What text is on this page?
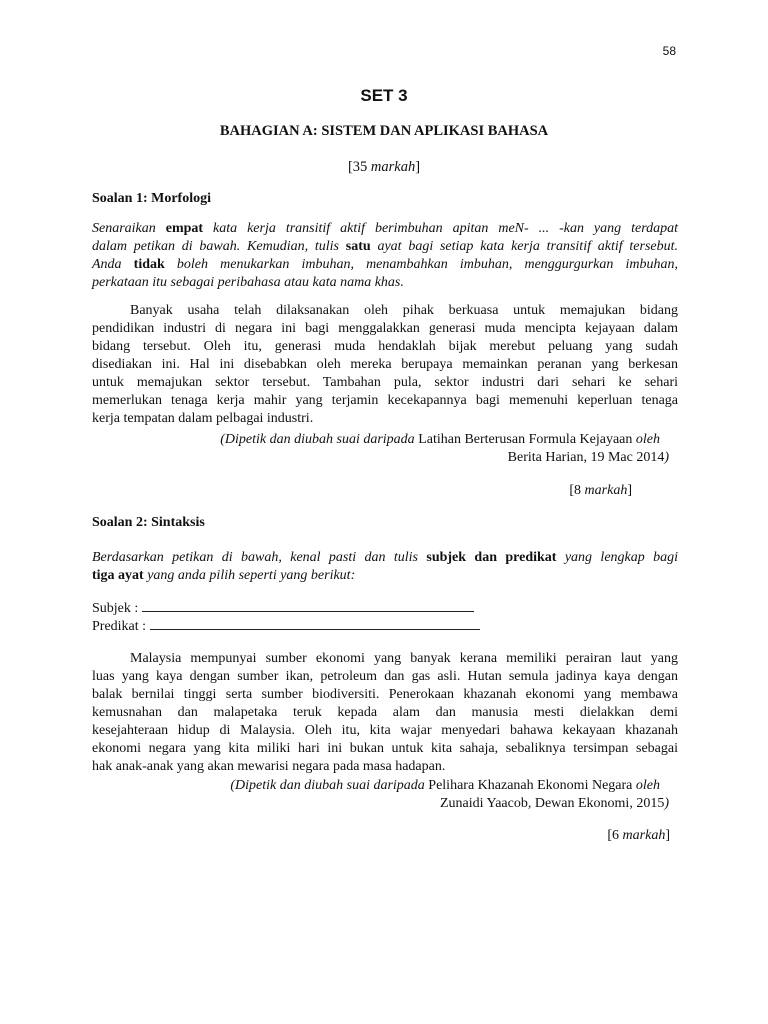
58
SET 3
BAHAGIAN A: SISTEM DAN APLIKASI BAHASA
[35 markah]
Soalan 1: Morfologi
Senaraikan empat kata kerja transitif aktif berimbuhan apitan meN- ... -kan yang terdapat
dalam petikan di bawah. Kemudian, tulis satu ayat bagi setiap kata kerja transitif aktif tersebut.
Anda tidak boleh menukarkan imbuhan, menambahkan imbuhan, menggurgurkan imbuhan,
perkataan itu sebagai peribahasa atau kata nama khas.
Banyak usaha telah dilaksanakan oleh pihak berkuasa untuk memajukan bidang
pendidikan industri di negara ini bagi menggalakkan generasi muda mencipta kejayaan dalam
bidang tersebut. Oleh itu, generasi muda hendaklah bijak merebut peluang yang sudah
disediakan ini. Hal ini disebabkan oleh mereka berupaya memainkan peranan yang berkesan
untuk memajukan sektor tersebut. Tambahan pula, sektor industri dari sehari ke sehari
memerlukan tenaga kerja mahir yang terjamin kecekapannya bagi memenuhi keperluan tenaga
kerja tempatan dalam pelbagai industri.
(Dipetik dan diubah suai daripada Latihan Berterusan Formula Kejayaan oleh
Berita Harian, 19 Mac 2014)
[8 markah]
Soalan 2: Sintaksis
Berdasarkan petikan di bawah, kenal pasti dan tulis subjek dan predikat yang lengkap bagi
tiga ayat yang anda pilih seperti yang berikut:
Subjek :
Predikat :
Malaysia mempunyai sumber ekonomi yang banyak kerana memiliki perairan laut yang
luas yang kaya dengan sumber ikan, petroleum dan gas asli. Hutan semula jadinya kaya dengan
balak bernilai tinggi serta sumber biodiversiti. Penerokaan khazanah ekonomi yang membawa
kemusnahan dan malapetaka teruk kepada alam dan manusia mesti dielakkan demi
kesejahteraan hidup di Malaysia. Oleh itu, kita wajar menyedari bahawa kekayaan khazanah
ekonomi negara yang kita miliki hari ini bukan untuk kita sahaja, sebaliknya tersimpan sebagai
hak anak-anak yang akan mewarisi negara pada masa hadapan.
(Dipetik dan diubah suai daripada Pelihara Khazanah Ekonomi Negara oleh
Zunaidi Yaacob, Dewan Ekonomi, 2015)
[6 markah]
